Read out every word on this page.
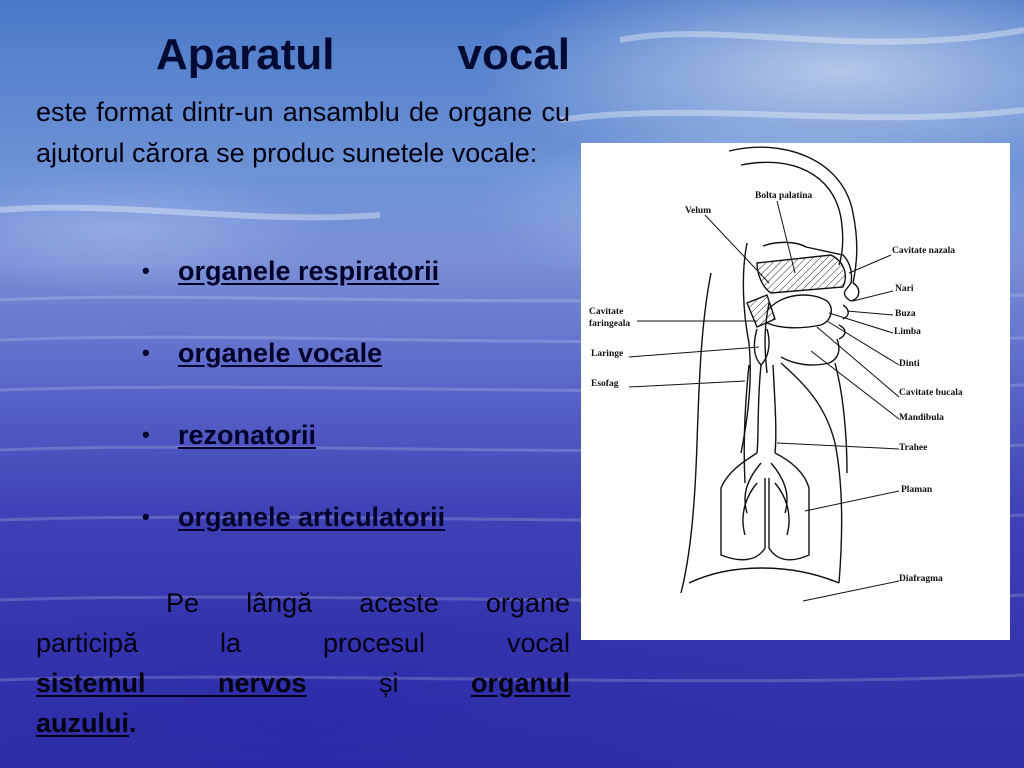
Aparatul	vocal

este format dintr-un ansamblu de organe cu ajutorul cărora se produc sunetele vocale:

•	organele respiratorii
•	organele vocale
•	rezonatorii
•	organele articulatorii

Pe lângă aceste organe
participă la procesul vocal
sistemul nervos	și	organul
auzului.

Bolta palatina
Velum
Cavitate nazala
Nari
Buza
Limba
Cavitate
faringeala
Laringe
Esofag
Dinti
Cavitate bucala
Mandibula
Trahee
Plaman
Diafragma
